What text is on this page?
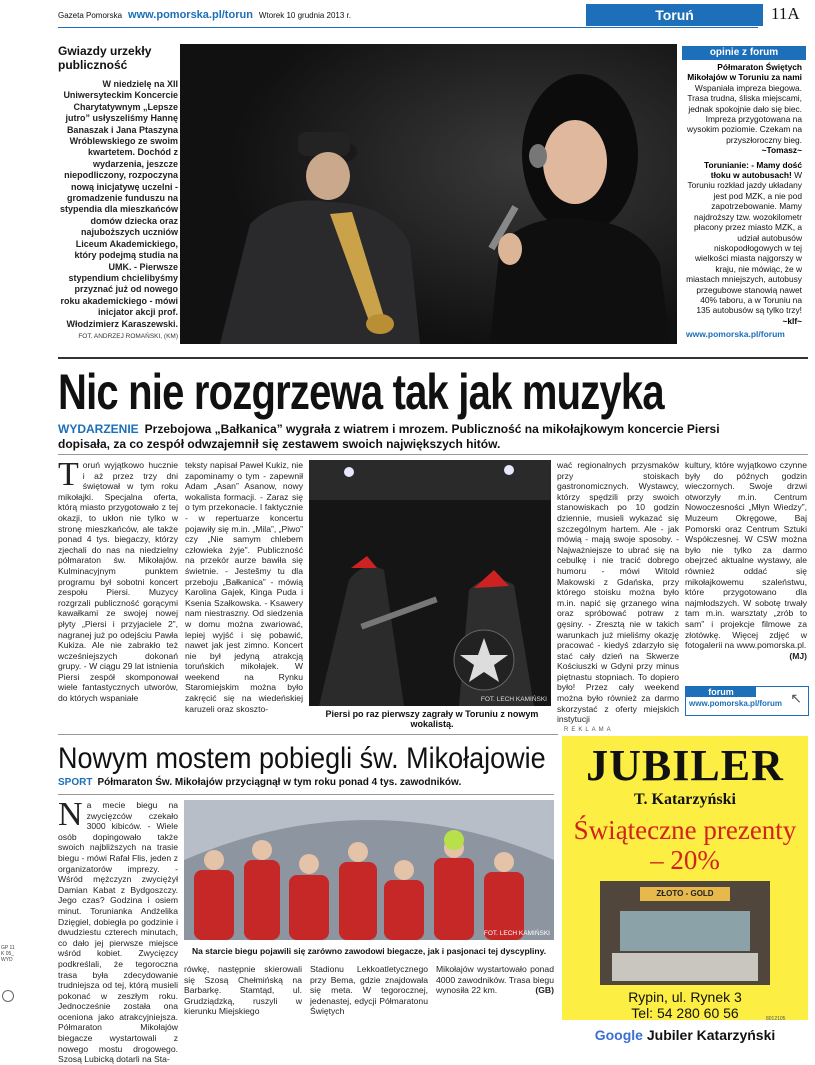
Gazeta Pomorska www.pomorska.pl/torun Wtorek 10 grudnia 2013 r.	Toruń	11A
GP 11 K 05_WYD
Gwiazdy urzekły publiczność
W niedzielę na XII Uniwersyteckim Koncercie Charytatywnym „Lepsze jutro” usłyszeliśmy Hannę Banaszak i Jana Ptaszyna Wróblewskiego ze swoim kwartetem. Dochód z wydarzenia, jeszcze niepodliczony, rozpoczyna nową inicjatywę uczelni - gromadzenie funduszu na stypendia dla mieszkańców domów dziecka oraz najuboższych uczniów Liceum Akademickiego, który podejmą studia na UMK. - Pierwsze stypendium chcielibyśmy przyznać już od nowego roku akademickiego - mówi inicjator akcji prof. Włodzimierz Karaszewski.
FOT. ANDRZEJ ROMAŃSKI, (KM)
opinie z forum
Półmaraton Świętych Mikołajów w Toruniu za nami Wspaniała impreza biegowa. Trasa trudna, śliska miejscami, jednak spokojnie dało się biec. Impreza przygotowana na wysokim poziomie. Czekam na przyszłoroczny bieg. ~Tomasz~
Torunianie: - Mamy dość tłoku w autobusach! W Toruniu rozkład jazdy układany jest pod MZK, a nie pod zapotrzebowanie. Mamy najdroższy tzw. wozokilometr płacony przez miasto MZK, a udział autobusów niskopodłogowych w tej wielkości miasta najgorszy w kraju, nie mówiąc, że w miastach mniejszych, autobusy przegubowe stanowią nawet 40% taboru, a w Toruniu na 135 autobusów są tylko trzy! ~klf~
www.pomorska.pl/forum
Nic nie rozgrzewa tak jak muzyka
WYDARZENIE Przebojowa „Bałkanica” wygrała z wiatrem i mrozem. Publiczność na mikołajkowym koncercie Piersi dopisała, za co zespół odwzajemnił się zestawem swoich największych hitów.
Toruń wyjątkowo hucznie i aż przez trzy dni świętował w tym roku mikołajki. Specjalna oferta, którą miasto przygotowało z tej okazji, to ukłon nie tylko w stronę mieszkańców, ale także ponad 4 tys. biegaczy, którzy zjechali do nas na niedzielny półmaraton św. Mikołajów. Kulminacyjnym punktem programu był sobotni koncert zespołu Piersi. Muzycy rozgrzali publiczność gorącymi kawałkami ze swojej nowej płyty „Piersi i przyjaciele 2”, nagranej już po odejściu Pawła Kukiza. Ale nie zabrakło też wcześniejszych dokonań grupy. - W ciągu 29 lat istnienia Piersi zespół skomponował wiele fantastycznych utworów, do których wspaniałe
teksty napisał Paweł Kukiz, nie zapominamy o tym - zapewnił Adam „Asan” Asanow, nowy wokalista formacji. - Zaraz się o tym przekonacie. I faktycznie - w repertuarze koncertu pojawiły się m.in. „Mila”, „Piwo” czy „Nie samym chlebem człowieka żyje”. Publiczność na przekór aurze bawiła się świetnie. - Jestešmy tu dla przeboju „Bałkanica” - mówią Karolina Gajek, Kinga Puda i Ksenia Szałkowska. - Ksawery nam niestrasznу. Od siedzenia w domu można zwariować, lepiej wyjść i się pobawić, nawet jak jest zimno. Koncert nie był jedyną atrakcją toruńskich mikołajek. W weekend na Rynku Staromiejskim można było zakręcić się na wiedeńskiej karuzeli oraz skoszto-
FOT. LECH KAMIŃSKI
Piersi po raz pierwszy zagrały w Toruniu z nowym wokalistą.
wać regionalnych przysmaków przy stoiskach gastronomicznych. Wystawcy, którzy spędzili przy swoich stanowiskach po 10 godzin dziennie, musieli wykazać się szczególnym hartem. Ale - jak mówią - mają swoje sposoby. - Najważniejsze to ubrać się na cebulkę i nie tracić dobrego humoru - mówi Witold Makowski z Gdańska, przy którego stoisku można było m.in. napić się grzanego wina oraz spróbować potraw z gęsiny. - Zresztą nie w takich warunkach już mieliśmy okazję pracować - kiedyś zdarzyło się stać cały dzień na Skwerze Kościuszki w Gdyni przy minus piętnastu stopniach. To dopiero było! Przez cały weekend można było również za darmo skorzystać z oferty miejskich instytucji
kultury, które wyjątkowo czynne były do późnych godzin wieczornych. Swoje drzwi otworzyły m.in. Centrum Nowoczesności „Młyn Wiedzy”, Muzeum Okręgowe, Baj Pomorski oraz Centrum Sztuki Współczesnej. W CSW można było nie tylko za darmo obejrzeć aktualne wystawy, ale również oddać się mikołajkowemu szaleństwu, które przygotowano dla najmłodszych. W sobotę trwały tam m.in. warsztaty „zrób to sam” i projekcje filmowe za złotówkę. Więcej zdjęć w fotogalerii na www.pomorska.pl.
(MJ)
forum
www.pomorska.pl/forum ↖
Nowym mostem pobiegli św. Mikołajowie
SPORT Półmaraton Św. Mikołajów przyciągnął w tym roku ponad 4 tys. zawodników.
Na mecie biegu na zwycięzców czekało 3000 kibiców. - Wiele osób dopingowało także swoich najbliższych na trasie biegu - mówi Rafał Flis, jeden z organizatorów imprezy. - Wśród mężczyzn zwyciężył Damian Kabat z Bydgoszczy. Jego czas? Godzina i osiem minut. Torunianka Andżelika Dzięgiel, dobiegła po godzinie i dwudziestu czterech minutach, co dało jej pierwsze miejsce wśród kobiet. Zwycięzcy podkreślali, że tegoroczna trasa była zdecydowanie trudniejsza od tej, którą musieli pokonać w zeszłym roku. Jednocześnie została ona oceniona jako atrakcyjniejsza. Półmaraton Mikołajów biegacze wystartowali z nowego mostu drogowego. Szosą Lubicką dotarli na Sta-
FOT. LECH KAMIŃSKI
Na starcie biegu pojawili się zarówno zawodowi biegacze, jak i pasjonaci tej dyscypliny.
rówkę, następnie skierowali się Szosą Chełmińską na Barbarkę. Stamtąd, ul. Grudziądzką, ruszyli w kierunku Miejskiego
Stadionu Lekkoatletycznego przy Bema, gdzie znajdowała się meta. W tegorocznej, jedenastej, edycji Półmaratonu Świętych
Mikołajów wystartowało ponad 4000 zawodników. Trasa biegu wynosiła 22 km.	(GB)
REKLAMA
JUBILER
T. Katarzyński
Świąteczne prezenty
– 20%
ZŁOTO - GOLD
Rypin, ul. Rynek 3
Tel: 54 280 60 56
Google Jubiler Katarzyński
8012105
